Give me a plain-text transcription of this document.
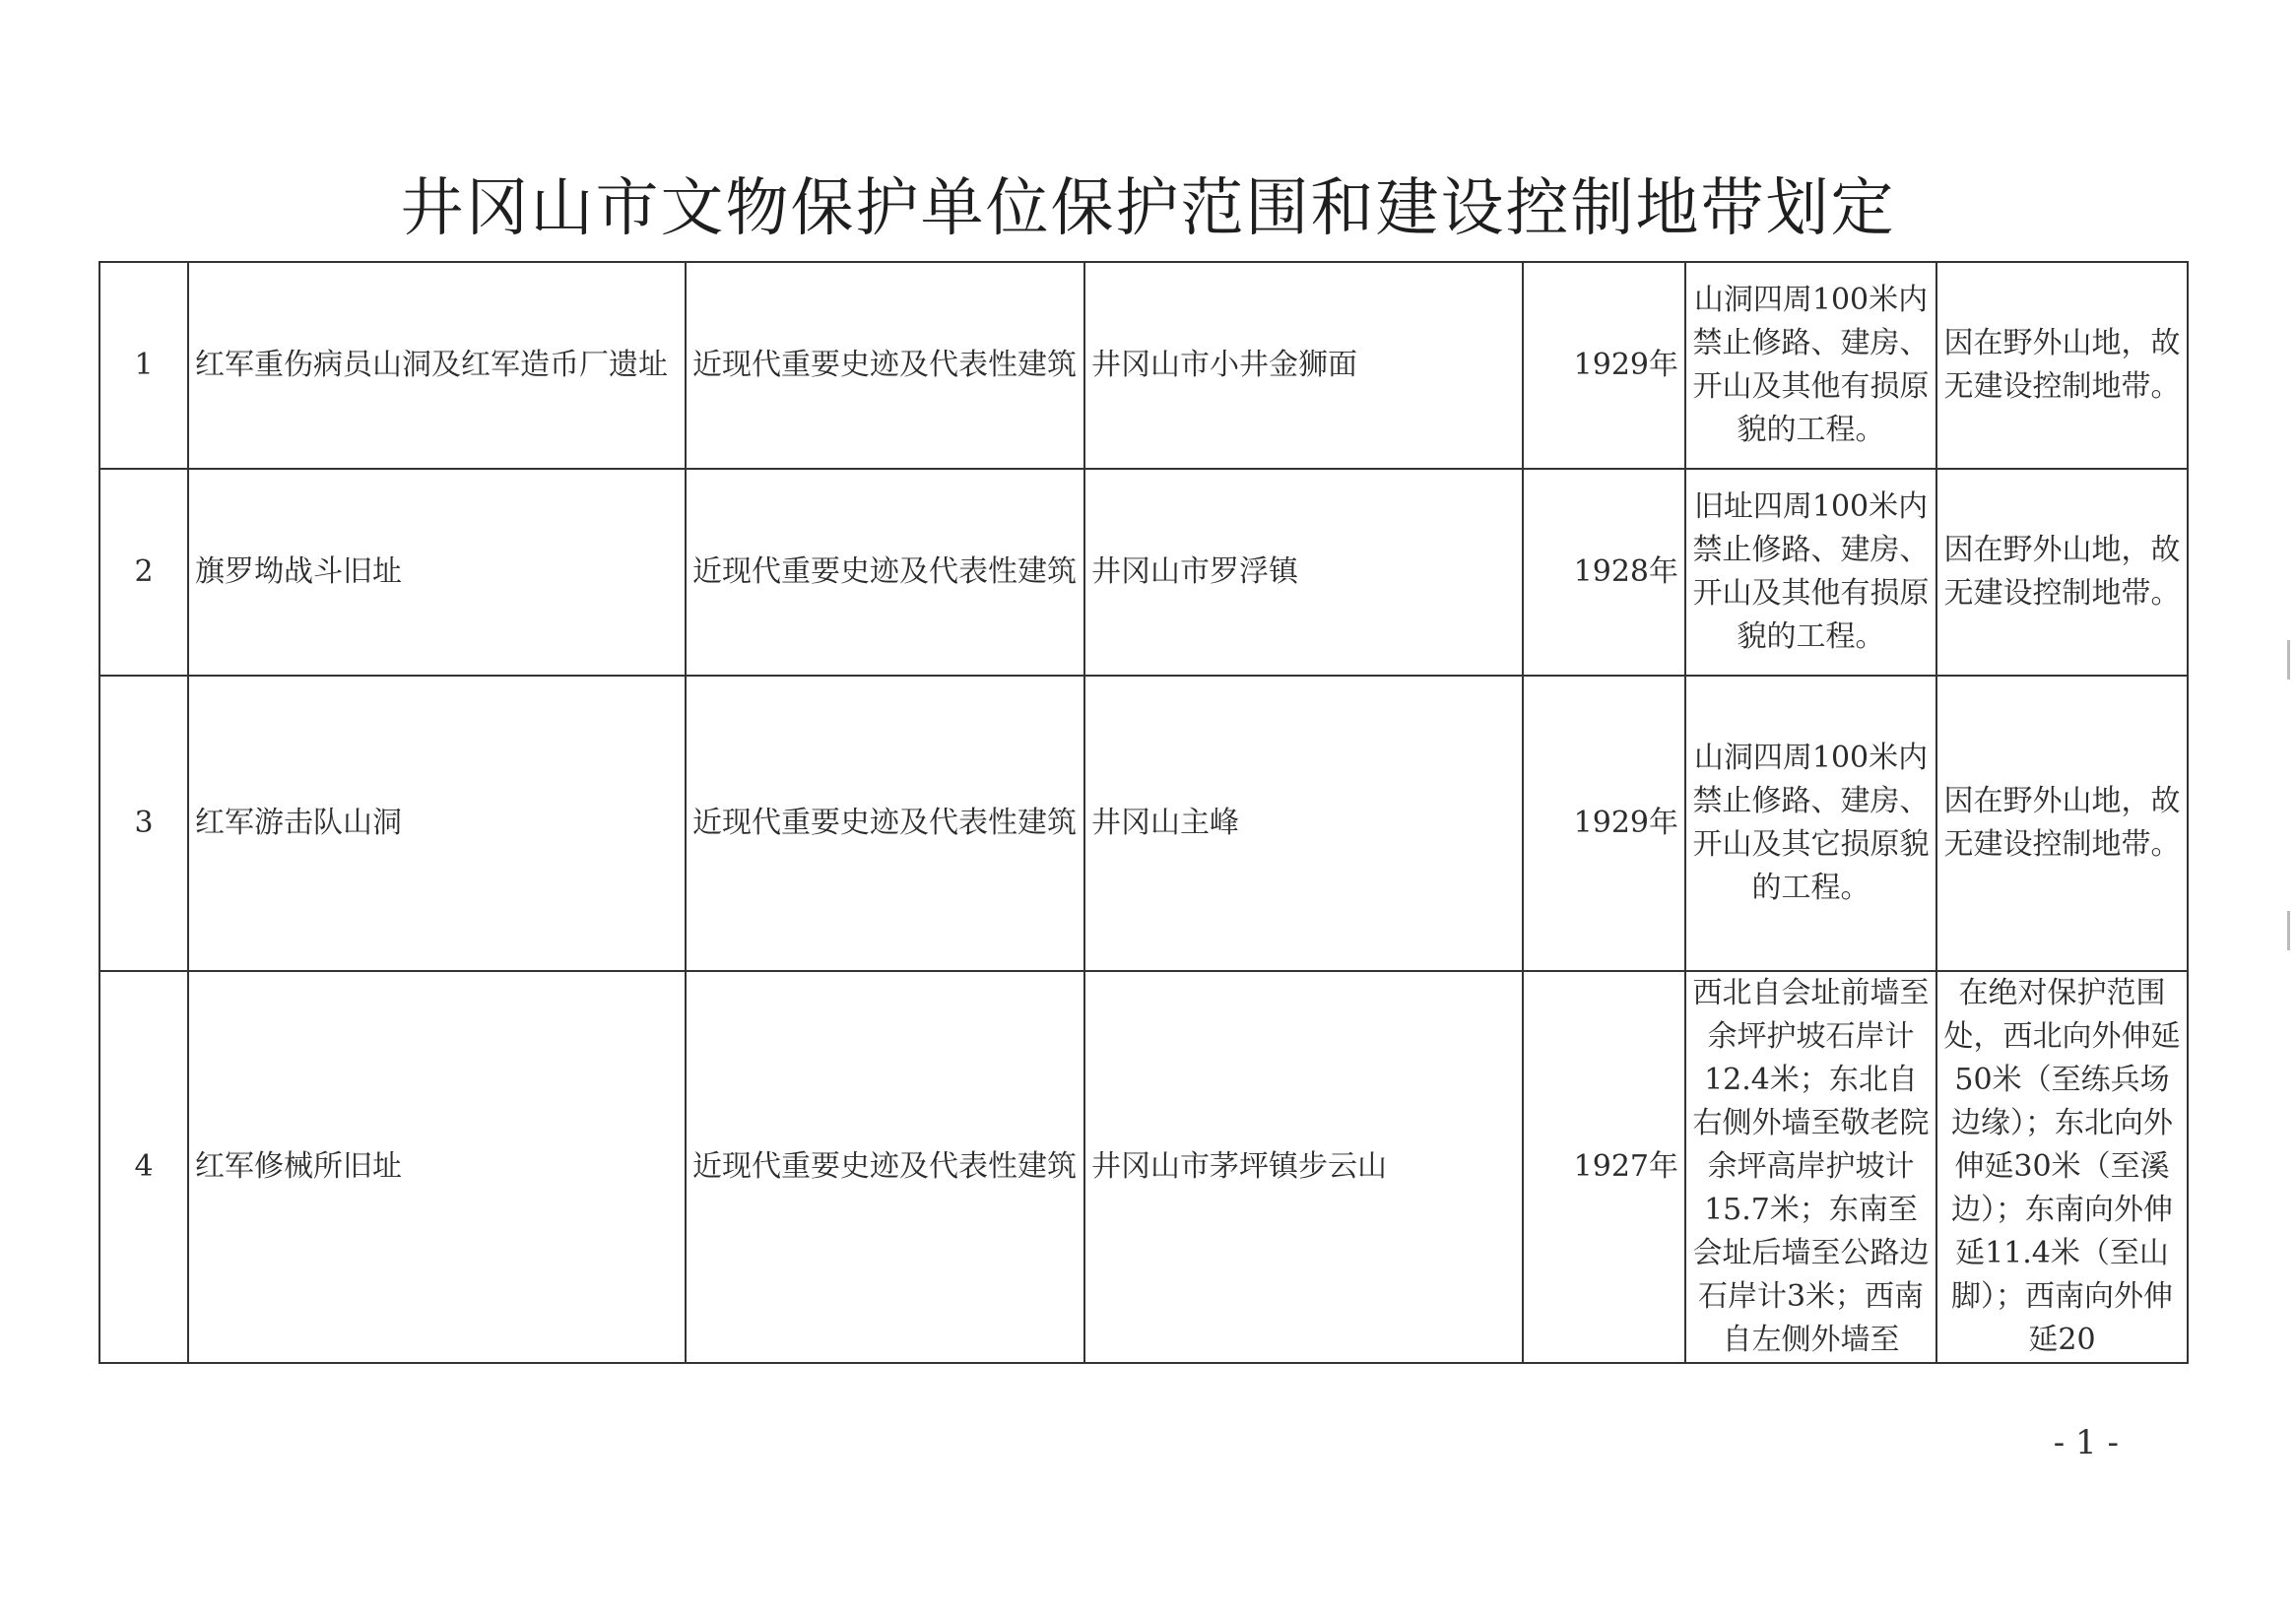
井冈山市文物保护单位保护范围和建设控制地带划定
1	红军重伤病员山洞及红军造币厂遗址	近现代重要史迹及代表性建筑	井冈山市小井金狮面	1929年	山洞四周100米内禁止修路、建房、开山及其他有损原貌的工程。	因在野外山地，故无建设控制地带。
2	旗罗坳战斗旧址	近现代重要史迹及代表性建筑	井冈山市罗浮镇	1928年	旧址四周100米内禁止修路、建房、开山及其他有损原貌的工程。	因在野外山地，故无建设控制地带。
3	红军游击队山洞	近现代重要史迹及代表性建筑	井冈山主峰	1929年	山洞四周100米内禁止修路、建房、开山及其它损原貌的工程。	因在野外山地，故无建设控制地带。
4	红军修械所旧址	近现代重要史迹及代表性建筑	井冈山市茅坪镇步云山	1927年	西北自会址前墙至余坪护坡石岸计12.4米；东北自右侧外墙至敬老院余坪高岸护坡计15.7米；东南至会址后墙至公路边石岸计3米；西南自左侧外墙至	在绝对保护范围处，西北向外伸延50米（至练兵场边缘）；东北向外伸延30米（至溪边）；东南向外伸延11.4米（至山脚）；西南向外伸延20
- 1 -
